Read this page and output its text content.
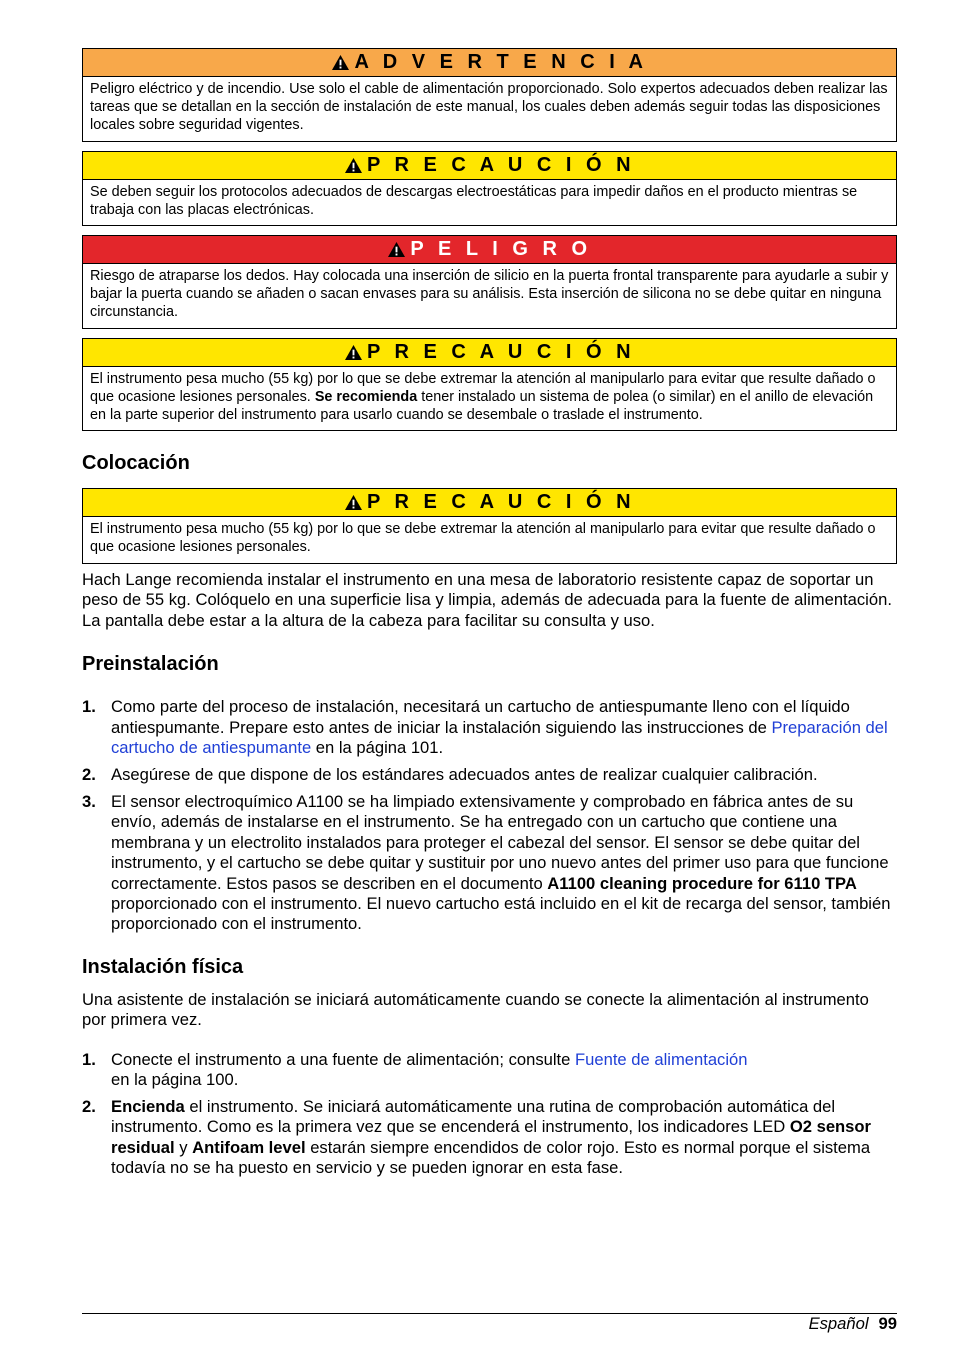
A D V E R T E N C I A
Peligro eléctrico y de incendio. Use solo el cable de alimentación proporcionado. Solo expertos adecuados deben realizar las tareas que se detallan en la sección de instalación de este manual, los cuales deben además seguir todas las disposiciones locales sobre seguridad vigentes.
P R E C A U C I Ó N
Se deben seguir los protocolos adecuados de descargas electroestáticas para impedir daños en el producto mientras se trabaja con las placas electrónicas.
P E L I G R O
Riesgo de atraparse los dedos. Hay colocada una inserción de silicio en la puerta frontal transparente para ayudarle a subir y bajar la puerta cuando se añaden o sacan envases para su análisis. Esta inserción de silicona no se debe quitar en ninguna circunstancia.
P R E C A U C I Ó N
El instrumento pesa mucho (55 kg) por lo que se debe extremar la atención al manipularlo para evitar que resulte dañado o que ocasione lesiones personales. Se recomienda tener instalado un sistema de polea (o similar) en el anillo de elevación en la parte superior del instrumento para usarlo cuando se desembale o traslade el instrumento.
Colocación
P R E C A U C I Ó N
El instrumento pesa mucho (55 kg) por lo que se debe extremar la atención al manipularlo para evitar que resulte dañado o que ocasione lesiones personales.

Hach Lange recomienda instalar el instrumento en una mesa de laboratorio resistente capaz de soportar un peso de 55 kg. Colóquelo en una superficie lisa y limpia, además de adecuada para la fuente de alimentación. La pantalla debe estar a la altura de la cabeza para facilitar su consulta y uso.

Preinstalación
1. Como parte del proceso de instalación, necesitará un cartucho de antiespumante lleno con el líquido antiespumante. Prepare esto antes de iniciar la instalación siguiendo las instrucciones de Preparación del cartucho de antiespumante en la página 101.
2. Asegúrese de que dispone de los estándares adecuados antes de realizar cualquier calibración.
3. El sensor electroquímico A1100 se ha limpiado extensivamente y comprobado en fábrica antes de su envío, además de instalarse en el instrumento. Se ha entregado con un cartucho que contiene una membrana y un electrolito instalados para proteger el cabezal del sensor. El sensor se debe quitar del instrumento, y el cartucho se debe quitar y sustituir por uno nuevo antes del primer uso para que funcione correctamente. Estos pasos se describen en el documento A1100 cleaning procedure for 6110 TPA proporcionado con el instrumento. El nuevo cartucho está incluido en el kit de recarga del sensor, también proporcionado con el instrumento.
Instalación física

Una asistente de instalación se iniciará automáticamente cuando se conecte la alimentación al instrumento por primera vez.

1. Conecte el instrumento a una fuente de alimentación; consulte Fuente de alimentación
en la página 100.
2. Encienda el instrumento. Se iniciará automáticamente una rutina de comprobación automática del instrumento. Como es la primera vez que se encenderá el instrumento, los indicadores LED O2 sensor residual y Antifoam level estarán siempre encendidos de color rojo. Esto es normal porque el sistema todavía no se ha puesto en servicio y se pueden ignorar en esta fase.
Español 99
